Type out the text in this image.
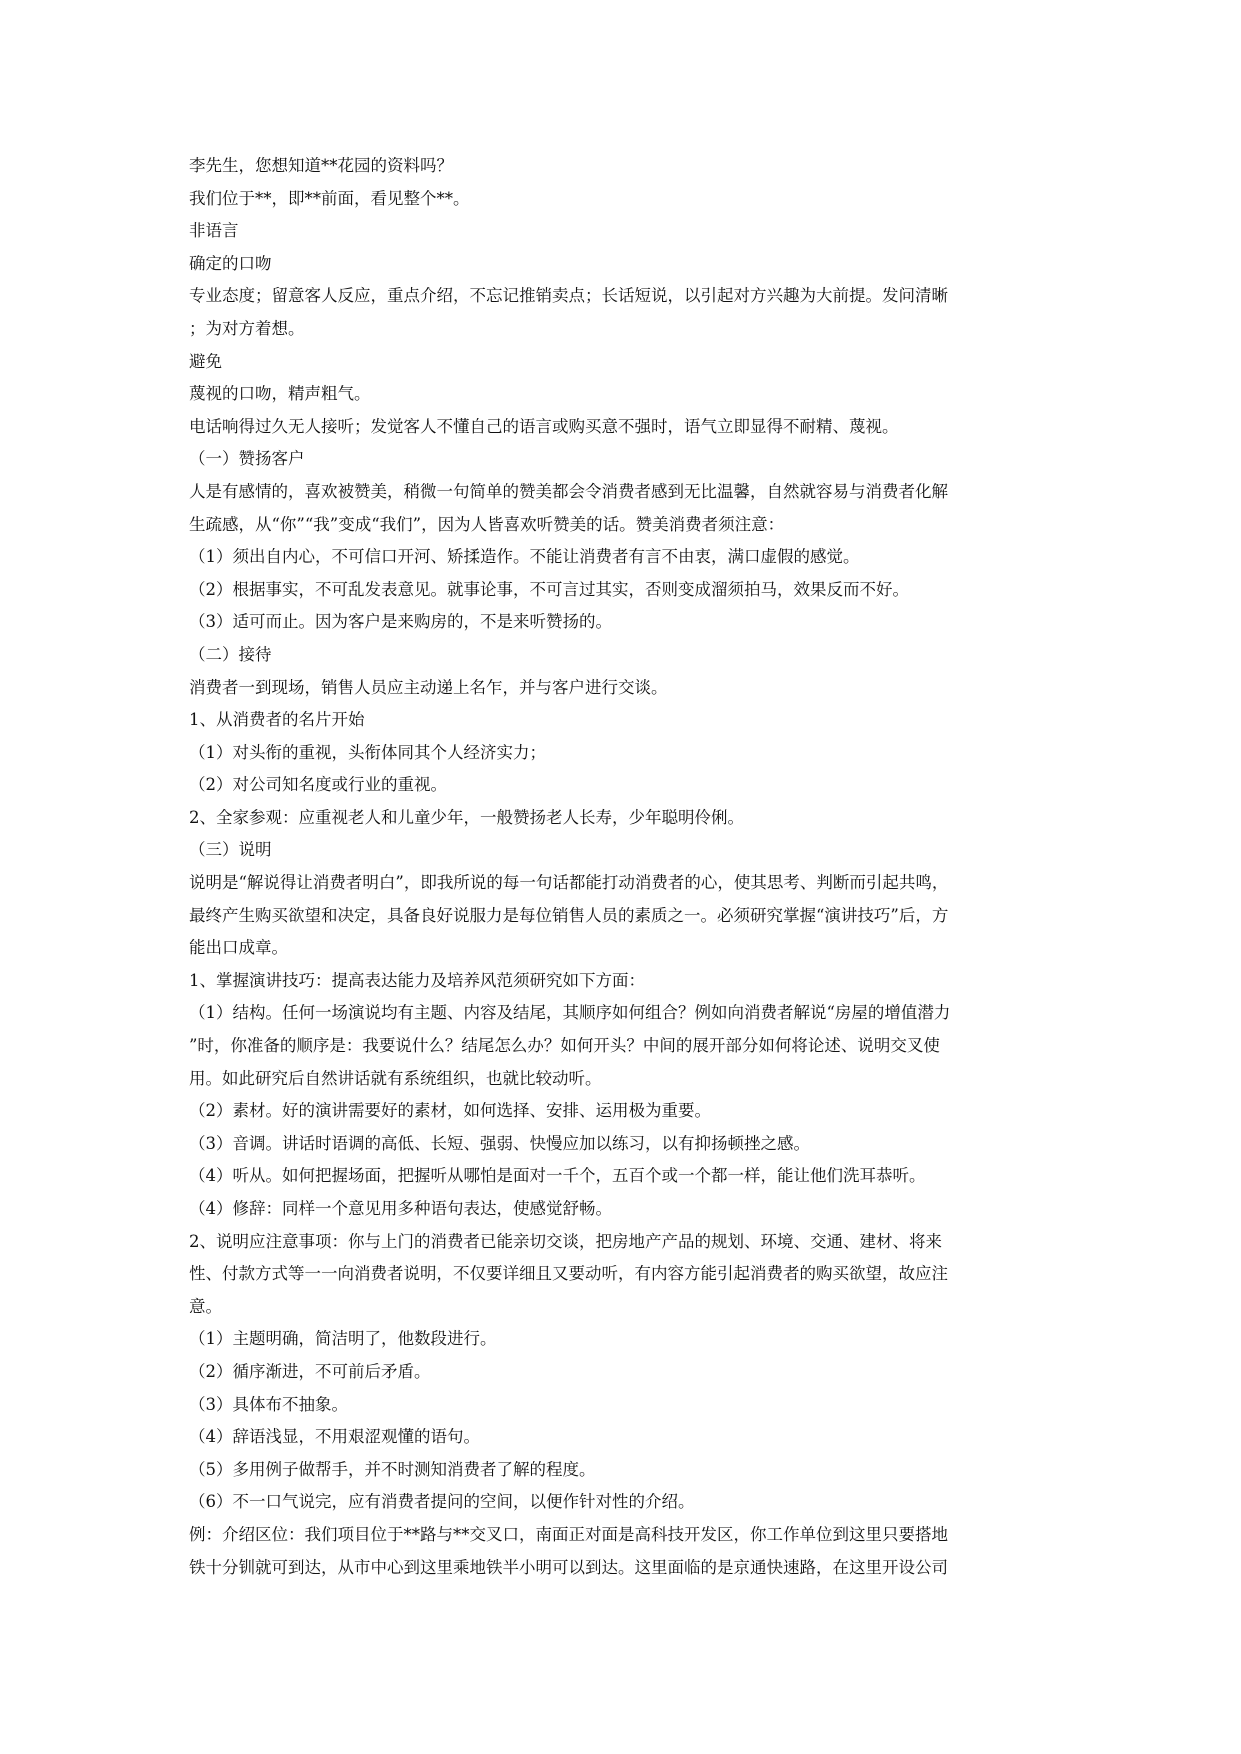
李先生，您想知道**花园的资料吗？
我们位于**，即**前面，看见整个**。
非语言
确定的口吻
专业态度；留意客人反应，重点介绍，不忘记推销卖点；长话短说，以引起对方兴趣为大前提。发问清晰
；为对方着想。
避免
蔑视的口吻，精声粗气。
电话响得过久无人接听；发觉客人不懂自己的语言或购买意不强时，语气立即显得不耐精、蔑视。
（一）赞扬客户
人是有感情的，喜欢被赞美，稍微一句简单的赞美都会令消费者感到无比温馨，自然就容易与消费者化解
生疏感，从“你”“我”变成“我们”，因为人皆喜欢听赞美的话。赞美消费者须注意：
（1）须出自内心，不可信口开河、矫揉造作。不能让消费者有言不由衷，满口虚假的感觉。
（2）根据事实，不可乱发表意见。就事论事，不可言过其实，否则变成溜须拍马，效果反而不好。
（3）适可而止。因为客户是来购房的，不是来听赞扬的。
（二）接待
消费者一到现场，销售人员应主动递上名乍，并与客户进行交谈。
1、从消费者的名片开始
（1）对头衔的重视，头衔体同其个人经济实力；
（2）对公司知名度或行业的重视。
2、全家参观：应重视老人和儿童少年，一般赞扬老人长寿，少年聪明伶俐。
（三）说明
说明是“解说得让消费者明白”，即我所说的每一句话都能打动消费者的心，使其思考、判断而引起共鸣，
最终产生购买欲望和决定，具备良好说服力是每位销售人员的素质之一。必须研究掌握“演讲技巧”后，方
能出口成章。
1、掌握演讲技巧：提高表达能力及培养风范须研究如下方面：
（1）结构。任何一场演说均有主题、内容及结尾，其顺序如何组合？例如向消费者解说“房屋的增值潜力
”时，你准备的顺序是：我要说什么？结尾怎么办？如何开头？中间的展开部分如何将论述、说明交叉使
用。如此研究后自然讲话就有系统组织，也就比较动听。
（2）素材。好的演讲需要好的素材，如何选择、安排、运用极为重要。
（3）音调。讲话时语调的高低、长短、强弱、快慢应加以练习，以有抑扬顿挫之感。
（4）听从。如何把握场面，把握听从哪怕是面对一千个，五百个或一个都一样，能让他们洗耳恭听。
（4）修辞：同样一个意见用多种语句表达，使感觉舒畅。
2、说明应注意事项：你与上门的消费者已能亲切交谈，把房地产产品的规划、环境、交通、建材、将来
性、付款方式等一一向消费者说明，不仅要详细且又要动听，有内容方能引起消费者的购买欲望，故应注
意。
（1）主题明确，简洁明了，他数段进行。
（2）循序渐进，不可前后矛盾。
（3）具体布不抽象。
（4）辞语浅显，不用艰涩观懂的语句。
（5）多用例子做帮手，并不时测知消费者了解的程度。
（6）不一口气说完，应有消费者提问的空间，以便作针对性的介绍。
例：介绍区位：我们项目位于**路与**交叉口，南面正对面是高科技开发区，你工作单位到这里只要搭地
铁十分钏就可到达，从市中心到这里乘地铁半小明可以到达。这里面临的是京通快速路，在这里开设公司
